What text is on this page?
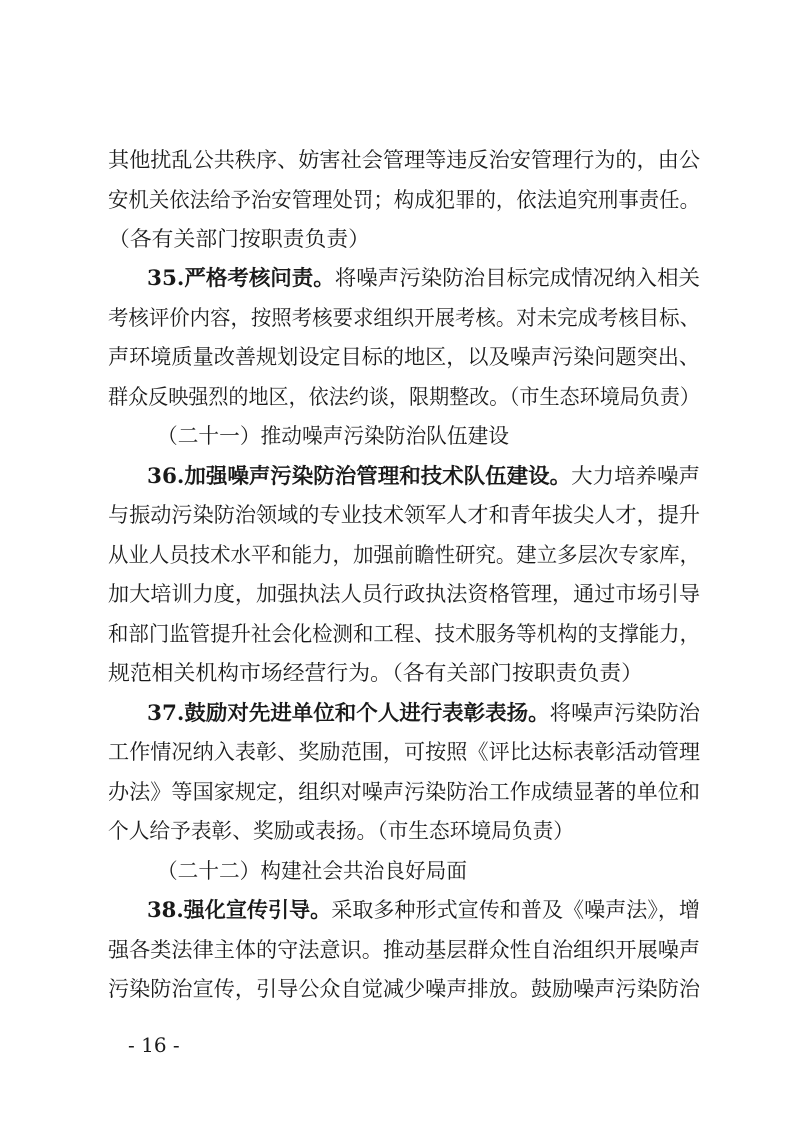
其他扰乱公共秩序、妨害社会管理等违反治安管理行为的，由公
安机关依法给予治安管理处罚；构成犯罪的，依法追究刑事责任。
（各有关部门按职责负责）
35.严格考核问责。将噪声污染防治目标完成情况纳入相关
考核评价内容，按照考核要求组织开展考核。对未完成考核目标、
声环境质量改善规划设定目标的地区，以及噪声污染问题突出、
群众反映强烈的地区，依法约谈，限期整改。（市生态环境局负责）
（二十一）推动噪声污染防治队伍建设
36.加强噪声污染防治管理和技术队伍建设。大力培养噪声
与振动污染防治领域的专业技术领军人才和青年拔尖人才，提升
从业人员技术水平和能力，加强前瞻性研究。建立多层次专家库，
加大培训力度，加强执法人员行政执法资格管理，通过市场引导
和部门监管提升社会化检测和工程、技术服务等机构的支撑能力，
规范相关机构市场经营行为。（各有关部门按职责负责）
37.鼓励对先进单位和个人进行表彰表扬。将噪声污染防治
工作情况纳入表彰、奖励范围，可按照《评比达标表彰活动管理
办法》等国家规定，组织对噪声污染防治工作成绩显著的单位和
个人给予表彰、奖励或表扬。（市生态环境局负责）
（二十二）构建社会共治良好局面
38.强化宣传引导。采取多种形式宣传和普及《噪声法》，增
强各类法律主体的守法意识。推动基层群众性自治组织开展噪声
污染防治宣传，引导公众自觉减少噪声排放。鼓励噪声污染防治
- 16 -
